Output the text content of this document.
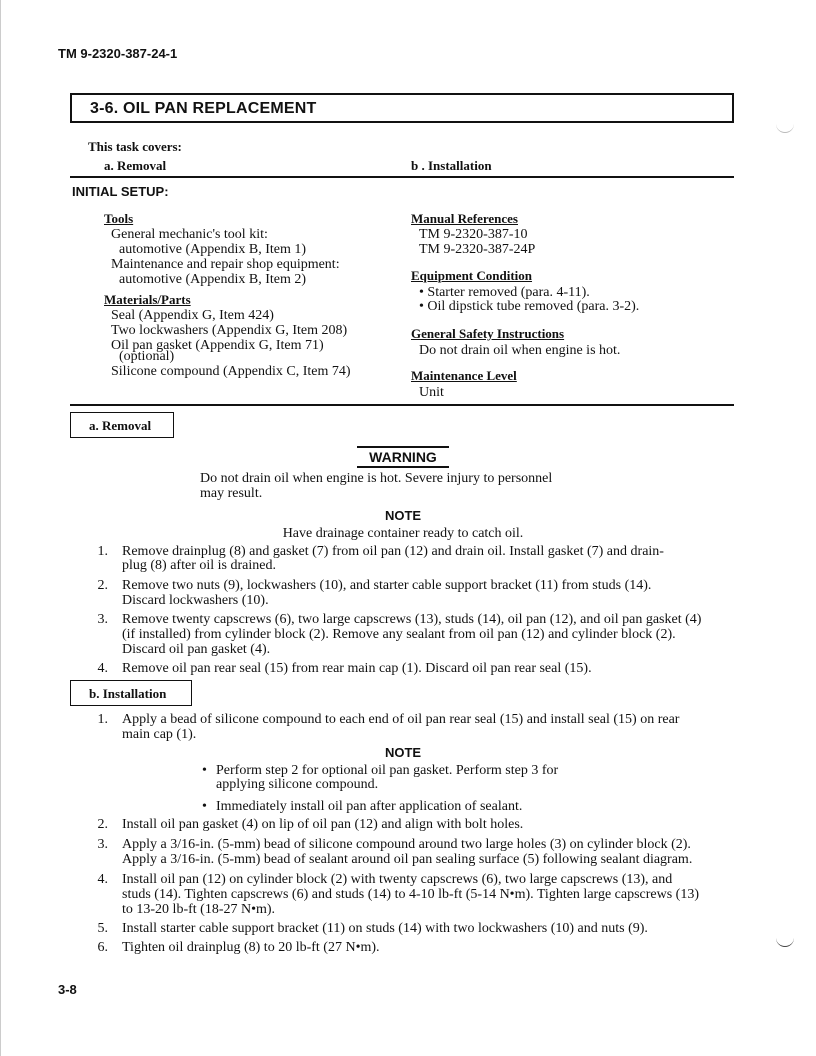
TM 9-2320-387-24-1
3-6. OIL PAN REPLACEMENT
This task covers:
a. Removal	b . Installation
INITIAL SETUP:
Tools
General mechanic's tool kit:
automotive (Appendix B, Item 1)
Maintenance and repair shop equipment:
automotive (Appendix B, Item 2)
Materials/Parts
Seal (Appendix G, Item 424)
Two lockwashers (Appendix G, Item 208)
Oil pan gasket (Appendix G, Item 71)
(optional)
Silicone compound (Appendix C, Item 74)
Manual References
TM 9-2320-387-10
TM 9-2320-387-24P
Equipment Condition
• Starter removed (para. 4-11).
• Oil dipstick tube removed (para. 3-2).
General Safety Instructions
Do not drain oil when engine is hot.
Maintenance Level
Unit
a. Removal
WARNING
Do not drain oil when engine is hot. Severe injury to personnel
may result.
NOTE
Have drainage container ready to catch oil.
1. Remove drainplug (8) and gasket (7) from oil pan (12) and drain oil. Install gasket (7) and drain-
plug (8) after oil is drained.
2. Remove two nuts (9), lockwashers (10), and starter cable support bracket (11) from studs (14).
Discard lockwashers (10).
3. Remove twenty capscrews (6), two large capscrews (13), studs (14), oil pan (12), and oil pan gasket (4)
(if installed) from cylinder block (2). Remove any sealant from oil pan (12) and cylinder block (2).
Discard oil pan gasket (4).
4. Remove oil pan rear seal (15) from rear main cap (1). Discard oil pan rear seal (15).
b. Installation
1. Apply a bead of silicone compound to each end of oil pan rear seal (15) and install seal (15) on rear
main cap (1).
NOTE
• Perform step 2 for optional oil pan gasket. Perform step 3 for
applying silicone compound.
• Immediately install oil pan after application of sealant.
2. Install oil pan gasket (4) on lip of oil pan (12) and align with bolt holes.
3. Apply a 3/16-in. (5-mm) bead of silicone compound around two large holes (3) on cylinder block (2).
Apply a 3/16-in. (5-mm) bead of sealant around oil pan sealing surface (5) following sealant diagram.
4. Install oil pan (12) on cylinder block (2) with twenty capscrews (6), two large capscrews (13), and
studs (14). Tighten capscrews (6) and studs (14) to 4-10 lb-ft (5-14 N•m). Tighten large capscrews (13)
to 13-20 lb-ft (18-27 N•m).
5. Install starter cable support bracket (11) on studs (14) with two lockwashers (10) and nuts (9).
6. Tighten oil drainplug (8) to 20 lb-ft (27 N•m).
3-8
